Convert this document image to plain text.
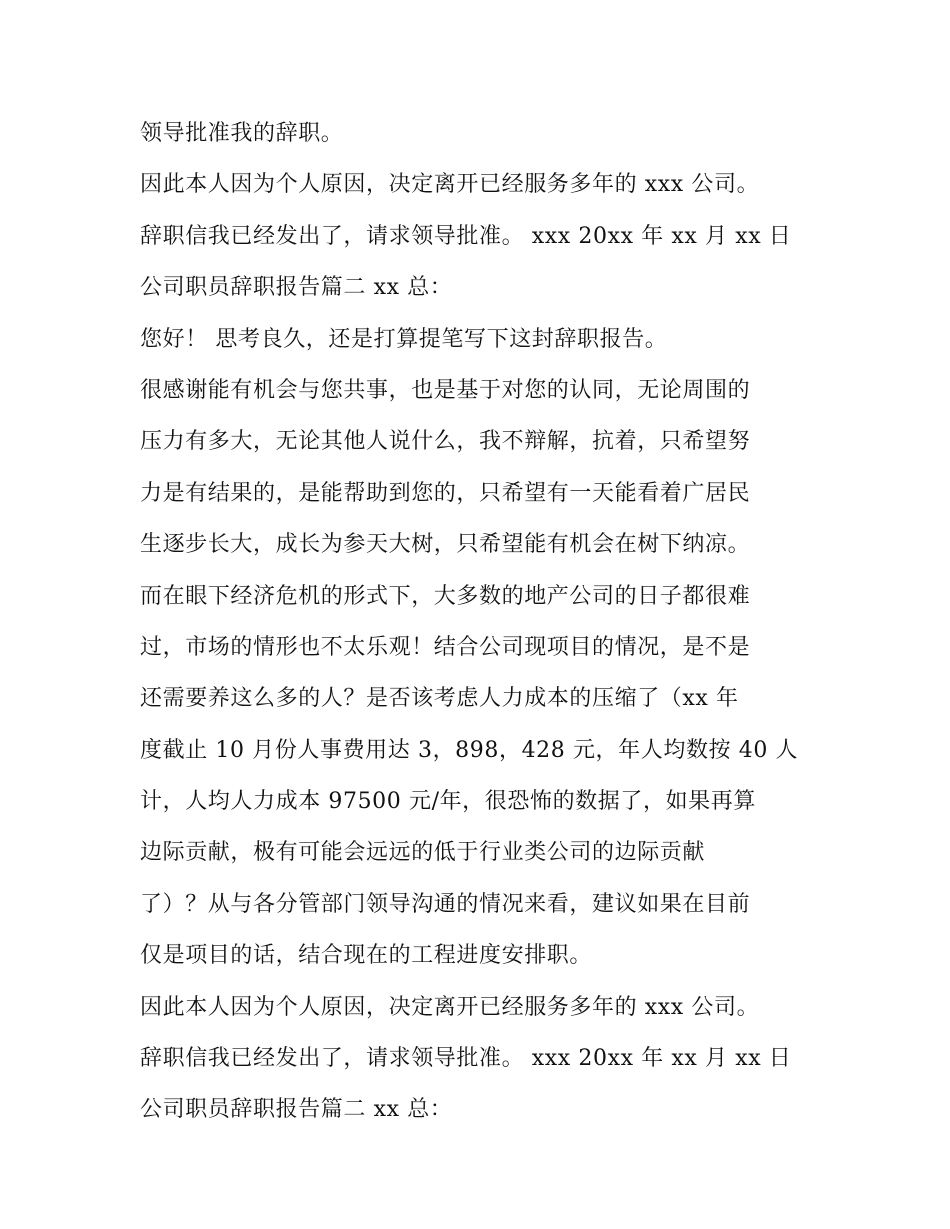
领导批准我的辞职。
因此本人因为个人原因，决定离开已经服务多年的 xxx 公司。
辞职信我已经发出了，请求领导批准。 xxx 20xx 年 xx 月 xx 日
公司职员辞职报告篇二 xx 总：
您好！ 思考良久，还是打算提笔写下这封辞职报告。
很感谢能有机会与您共事，也是基于对您的认同，无论周围的
压力有多大，无论其他人说什么，我不辩解，抗着，只希望努
力是有结果的，是能帮助到您的，只希望有一天能看着广居民
生逐步长大，成长为参天大树，只希望能有机会在树下纳凉。
而在眼下经济危机的形式下，大多数的地产公司的日子都很难
过，市场的情形也不太乐观！结合公司现项目的情况，是不是
还需要养这么多的人？是否该考虑人力成本的压缩了（xx 年
度截止 10 月份人事费用达 3，898，428 元，年人均数按 40 人
计，人均人力成本 97500 元/年，很恐怖的数据了，如果再算
边际贡献，极有可能会远远的低于行业类公司的边际贡献
了）？从与各分管部门领导沟通的情况来看，建议如果在目前
仅是项目的话，结合现在的工程进度安排职。
因此本人因为个人原因，决定离开已经服务多年的 xxx 公司。
辞职信我已经发出了，请求领导批准。 xxx 20xx 年 xx 月 xx 日
公司职员辞职报告篇二 xx 总：
